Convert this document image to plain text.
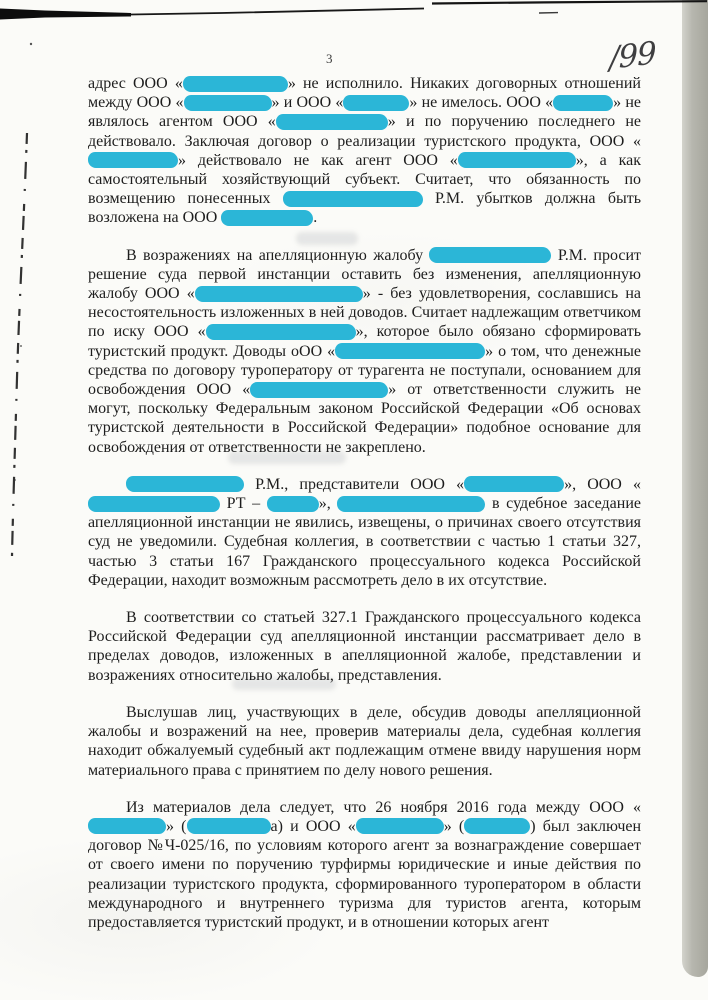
3	/99

адрес ООО «	» не исполнило. Никаких договорных отношений между ООО «	» и ООО «	» не имелось. ООО «	» не являлось агентом ООО «	» и по поручению последнего не действовало. Заключая договор о реализации туристского продукта, ООО «» действовало не как агент ООО «	», а как самостоятельный хозяйствующий субъект. Считает, что обязанность по возмещению понесенных	Р.М. убытков должна быть возложена на ООО	.

В возражениях на апелляционную жалобу	Р.М. просит решение суда первой инстанции оставить без изменения, апелляционную жалобу ООО «	» - без удовлетворения, сославшись на несостоятельность изложенных в ней доводов. Считает надлежащим ответчиком по иску ООО «	», которое было обязано сформировать туристский продукт. Доводы оОО «	» о том, что денежные средства по договору туроператору от турагента не поступали, основанием для освобождения ООО «	» от ответственности служить не могут, поскольку Федеральным законом Российской Федерации «Об основах туристской деятельности в Российской Федерации» подобное основание для освобождения от ответственности не закреплено.

Р.М., представители ООО «	», ООО « РТ –	»,	в судебное заседание апелляционной инстанции не явились, извещены, о причинах своего отсутствия суд не уведомили. Судебная коллегия, в соответствии с частью 1 статьи 327, частью 3 статьи 167 Гражданского процессуального кодекса Российской Федерации, находит возможным рассмотреть дело в их отсутствие.

В соответствии со статьей 327.1 Гражданского процессуального кодекса Российской Федерации суд апелляционной инстанции рассматривает дело в пределах доводов, изложенных в апелляционной жалобе, представлении и возражениях относительно жалобы, представления.

Выслушав лиц, участвующих в деле, обсудив доводы апелляционной жалобы и возражений на нее, проверив материалы дела, судебная коллегия находит обжалуемый судебный акт подлежащим отмене ввиду нарушения норм материального права с принятием по делу нового решения.

Из материалов дела следует, что 26 ноября 2016 года между ООО «» (	а) и ООО «	» (	) был заключен договор №Ч-025/16, по условиям которого агент за вознаграждение совершает от своего имени по поручению турфирмы юридические и иные действия по реализации туристского продукта, сформированного туроператором в области международного и внутреннего туризма для туристов агента, которым предоставляется туристский продукт, и в отношении которых агент
